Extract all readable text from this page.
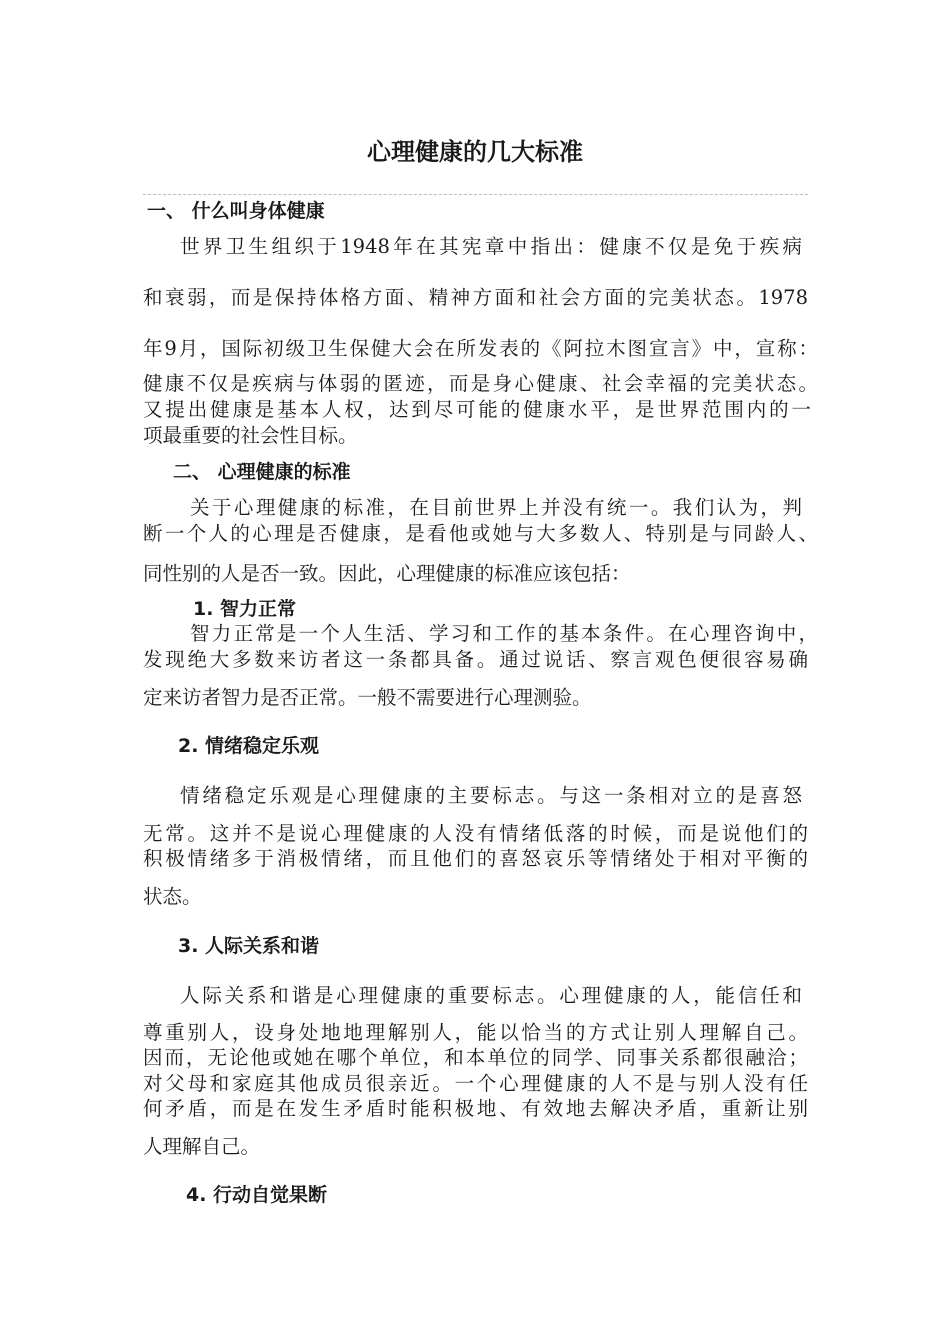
心理健康的几大标准

一、 什么叫身体健康

世界卫生组织于1948年在其宪章中指出：健康不仅是免于疾病

和衰弱，而是保持体格方面、精神方面和社会方面的完美状态。1978

年9月，国际初级卫生保健大会在所发表的《阿拉木图宣言》中，宣称：

健康不仅是疾病与体弱的匿迹，而是身心健康、社会幸福的完美状态。

又提出健康是基本人权，达到尽可能的健康水平，是世界范围内的一

项最重要的社会性目标。

二、 心理健康的标准

关于心理健康的标准，在目前世界上并没有统一。我们认为，判

断一个人的心理是否健康，是看他或她与大多数人、特别是与同龄人、

同性别的人是否一致。因此，心理健康的标准应该包括：

1. 智力正常

智力正常是一个人生活、学习和工作的基本条件。在心理咨询中，

发现绝大多数来访者这一条都具备。通过说话、察言观色便很容易确

定来访者智力是否正常。一般不需要进行心理测验。

2. 情绪稳定乐观

情绪稳定乐观是心理健康的主要标志。与这一条相对立的是喜怒

无常。这并不是说心理健康的人没有情绪低落的时候，而是说他们的

积极情绪多于消极情绪，而且他们的喜怒哀乐等情绪处于相对平衡的

状态。

3. 人际关系和谐

人际关系和谐是心理健康的重要标志。心理健康的人，能信任和

尊重别人，设身处地地理解别人，能以恰当的方式让别人理解自己。

因而，无论他或她在哪个单位，和本单位的同学、同事关系都很融洽；

对父母和家庭其他成员很亲近。一个心理健康的人不是与别人没有任

何矛盾，而是在发生矛盾时能积极地、有效地去解决矛盾，重新让别

人理解自己。

4. 行动自觉果断
